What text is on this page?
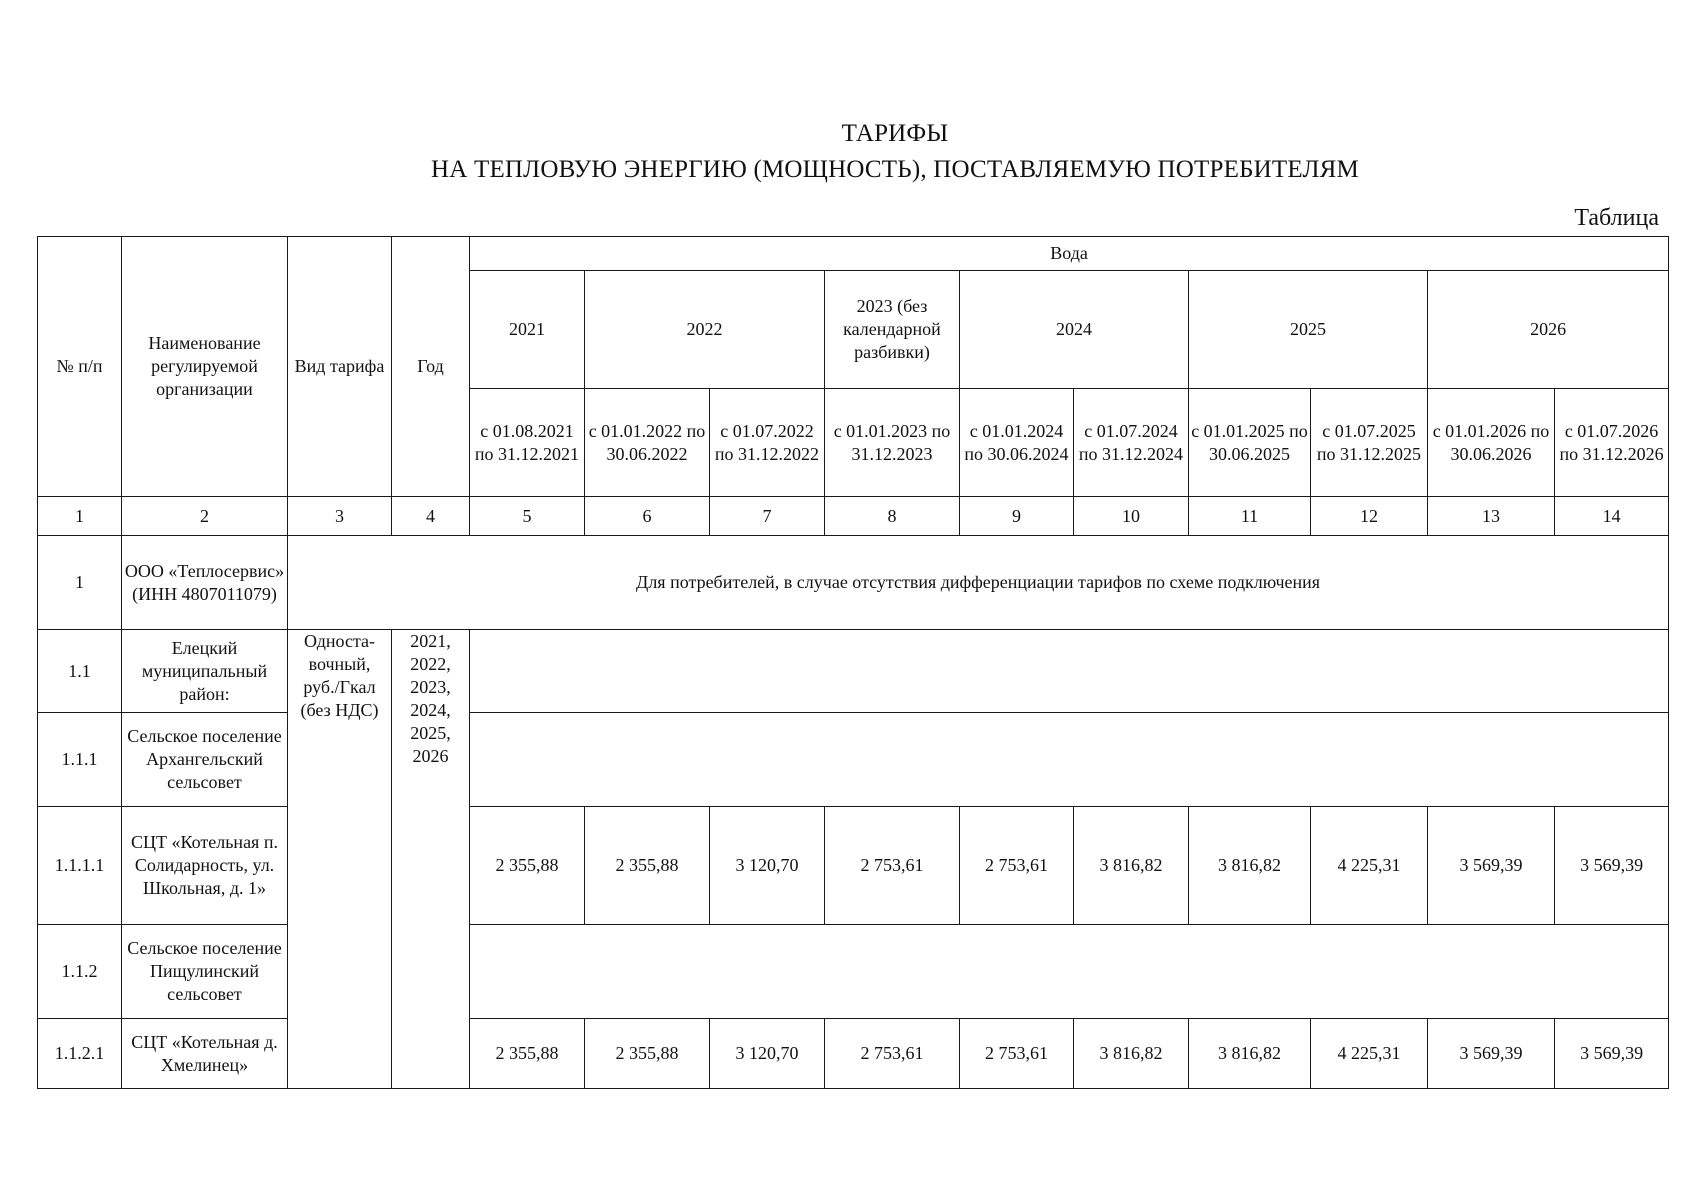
ТАРИФЫ
НА ТЕПЛОВУЮ ЭНЕРГИЮ (МОЩНОСТЬ), ПОСТАВЛЯЕМУЮ ПОТРЕБИТЕЛЯМ
Таблица
№ п/п	Наименование регулируемой организации	Вид тарифа	Год	Вода									
				2021	2022		2023 (без календарной разбивки)	2024		2025		2026	
				с 01.08.2021 по 31.12.2021	с 01.01.2022 по 30.06.2022	с 01.07.2022 по 31.12.2022	с 01.01.2023 по 31.12.2023	с 01.01.2024 по 30.06.2024	с 01.07.2024 по 31.12.2024	с 01.01.2025 по 30.06.2025	с 01.07.2025 по 31.12.2025	с 01.01.2026 по 30.06.2026	с 01.07.2026 по 31.12.2026
1	2	3	4	5	6	7	8	9	10	11	12	13	14
1	ООО «Теплосервис» (ИНН 4807011079)	Для потребителей, в случае отсутствия дифференциации тарифов по схеме подключения											
1.1	Елецкий муниципальный район:	Односта-вочный, руб./Гкал (без НДС)	2021, 2022, 2023, 2024, 2025, 2026										
1.1.1	Сельское поселение Архангельский сельсовет												
1.1.1.1	СЦТ «Котельная п. Солидарность, ул. Школьная, д. 1»			2 355,88	2 355,88	3 120,70	2 753,61	2 753,61	3 816,82	3 816,82	4 225,31	3 569,39	3 569,39
1.1.2	Сельское поселение Пищулинский сельсовет												
1.1.2.1	СЦТ «Котельная д. Хмелинец»			2 355,88	2 355,88	3 120,70	2 753,61	2 753,61	3 816,82	3 816,82	4 225,31	3 569,39	3 569,39
